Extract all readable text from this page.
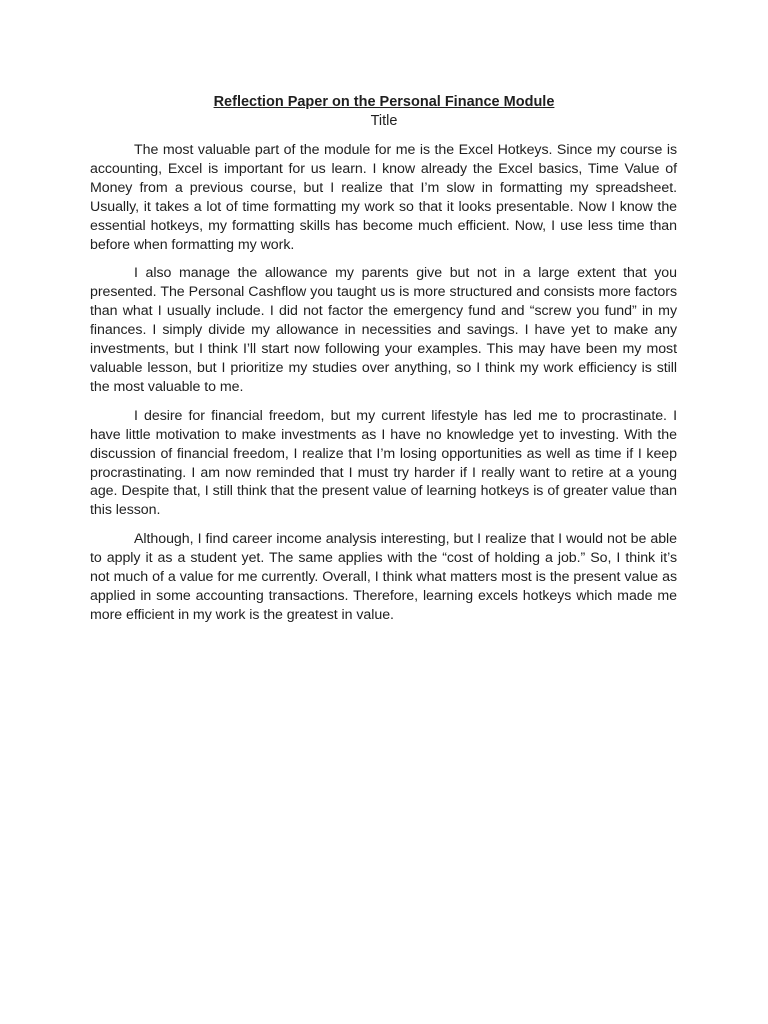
Reflection Paper on the Personal Finance Module
Title

The most valuable part of the module for me is the Excel Hotkeys. Since my course is accounting, Excel is important for us learn. I know already the Excel basics, Time Value of Money from a previous course, but I realize that I’m slow in formatting my spreadsheet. Usually, it takes a lot of time formatting my work so that it looks presentable. Now I know the essential hotkeys, my formatting skills has become much efficient. Now, I use less time than before when formatting my work.

I also manage the allowance my parents give but not in a large extent that you presented. The Personal Cashflow you taught us is more structured and consists more factors than what I usually include. I did not factor the emergency fund and “screw you fund” in my finances. I simply divide my allowance in necessities and savings. I have yet to make any investments, but I think I’ll start now following your examples. This may have been my most valuable lesson, but I prioritize my studies over anything, so I think my work efficiency is still the most valuable to me.

I desire for financial freedom, but my current lifestyle has led me to procrastinate. I have little motivation to make investments as I have no knowledge yet to investing. With the discussion of financial freedom, I realize that I’m losing opportunities as well as time if I keep procrastinating. I am now reminded that I must try harder if I really want to retire at a young age. Despite that, I still think that the present value of learning hotkeys is of greater value than this lesson.

Although, I find career income analysis interesting, but I realize that I would not be able to apply it as a student yet. The same applies with the “cost of holding a job.” So, I think it’s not much of a value for me currently. Overall, I think what matters most is the present value as applied in some accounting transactions. Therefore, learning excels hotkeys which made me more efficient in my work is the greatest in value.
